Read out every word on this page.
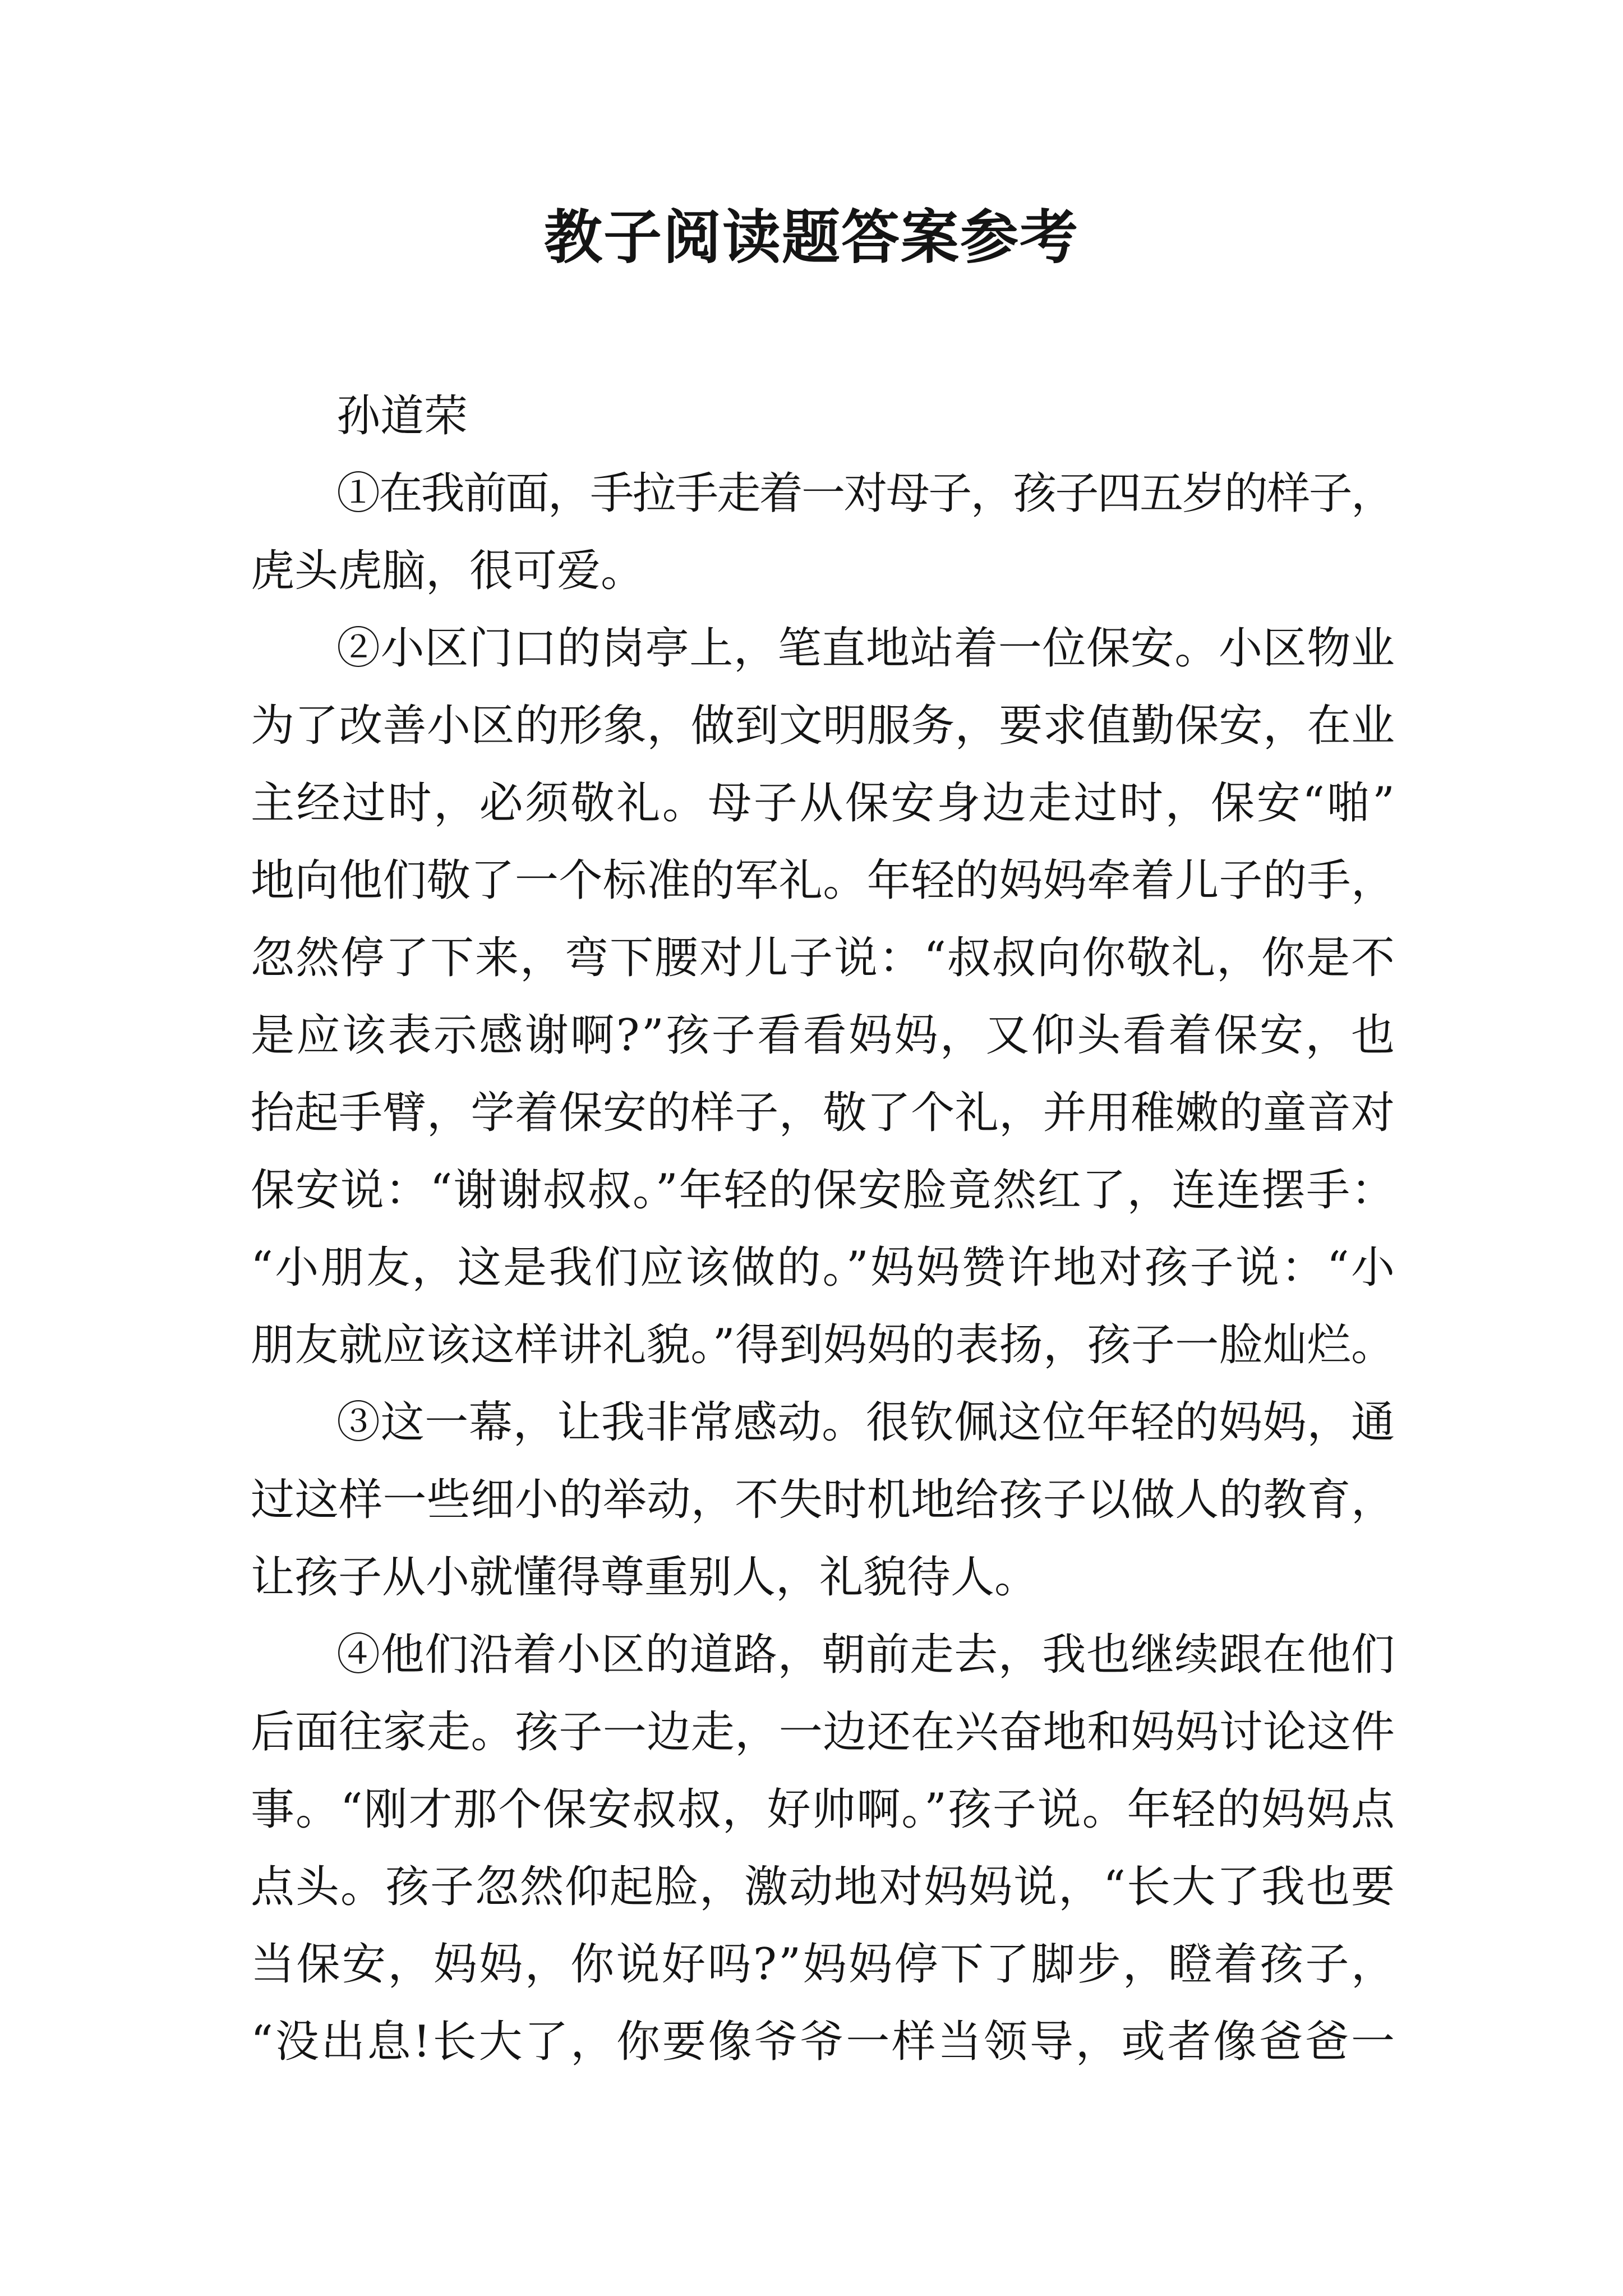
教子阅读题答案参考
孙道荣
①在我前面，手拉手走着一对母子，孩子四五岁的样子，
虎头虎脑，很可爱。
②小区门口的岗亭上，笔直地站着一位保安。小区物业
为了改善小区的形象，做到文明服务，要求值勤保安，在业
主经过时，必须敬礼。母子从保安身边走过时，保安“啪”
地向他们敬了一个标准的军礼。年轻的妈妈牵着儿子的手，
忽然停了下来，弯下腰对儿子说：“叔叔向你敬礼，你是不
是应该表示感谢啊?”孩子看看妈妈，又仰头看着保安，也
抬起手臂，学着保安的样子，敬了个礼，并用稚嫩的童音对
保安说：“谢谢叔叔。”年轻的保安脸竟然红了，连连摆手：
“小朋友，这是我们应该做的。”妈妈赞许地对孩子说：“小
朋友就应该这样讲礼貌。”得到妈妈的表扬，孩子一脸灿烂。
③这一幕，让我非常感动。很钦佩这位年轻的妈妈，通
过这样一些细小的举动，不失时机地给孩子以做人的教育，
让孩子从小就懂得尊重别人，礼貌待人。
④他们沿着小区的道路，朝前走去，我也继续跟在他们
后面往家走。孩子一边走，一边还在兴奋地和妈妈讨论这件
事。“刚才那个保安叔叔，好帅啊。”孩子说。年轻的妈妈点
点头。孩子忽然仰起脸，激动地对妈妈说，“长大了我也要
当保安，妈妈，你说好吗?”妈妈停下了脚步，瞪着孩子，
“没出息!长大了，你要像爷爷一样当领导，或者像爸爸一
